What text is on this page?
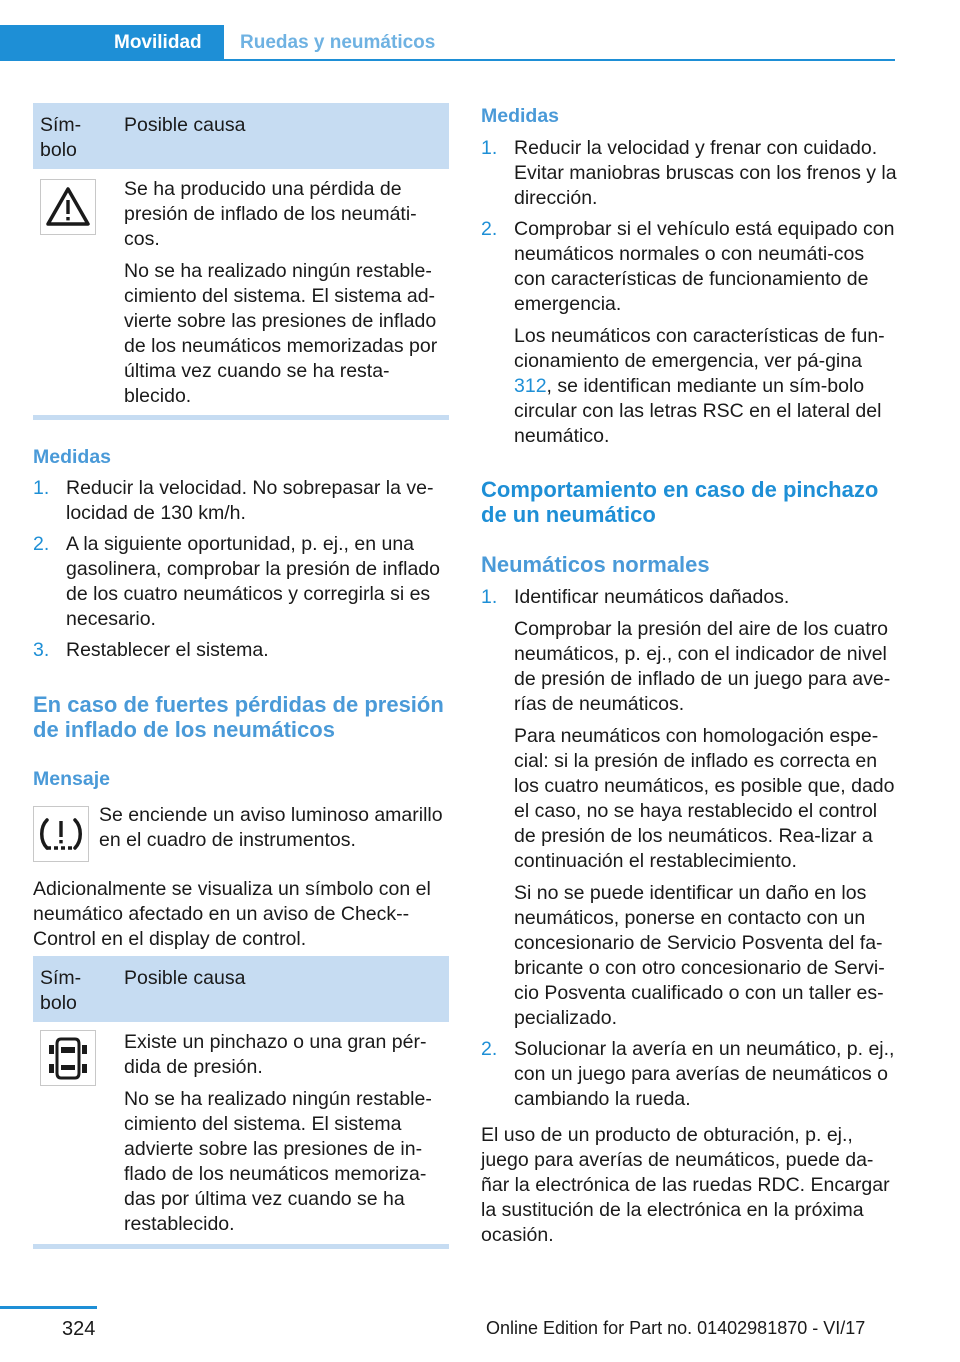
Movilidad	Ruedas y neumáticos
Sím-
bolo
Posible causa

Se ha producido una pérdida de presión de inflado de los neumáti-cos.

No se ha realizado ningún restable-cimiento del sistema. El sistema ad-vierte sobre las presiones de inflado de los neumáticos memorizadas por última vez cuando se ha resta-blecido.

Medidas
1. Reducir la velocidad. No sobrepasar la ve-locidad de 130 km/h.

2. A la siguiente oportunidad, p. ej., en una gasolinera, comprobar la presión de inflado de los cuatro neumáticos y corregirla si es necesario.

3. Restablecer el sistema.

En caso de fuertes pérdidas de presión de inflado de los neumáticos
Mensaje

Se enciende un aviso luminoso amarillo en el cuadro de instrumentos.

Adicionalmente se visualiza un símbolo con el neumático afectado en un aviso de Check--Control en el display de control.

Sím-
bolo
Posible causa

Existe un pinchazo o una gran pér-dida de presión.

No se ha realizado ningún restable-cimiento del sistema. El sistema advierte sobre las presiones de in-flado de los neumáticos memoriza-das por última vez cuando se ha restablecido.

Medidas
1. Reducir la velocidad y frenar con cuidado. Evitar maniobras bruscas con los frenos y la dirección.

2. Comprobar si el vehículo está equipado con neumáticos normales o con neumáti-cos con características de funcionamiento de emergencia.

Los neumáticos con características de fun-cionamiento de emergencia, ver pá-gina 312, se identifican mediante un sím-bolo circular con las letras RSC en el lateral del neumático.

Comportamiento en caso de pinchazo de un neumático
Neumáticos normales
1. Identificar neumáticos dañados.

Comprobar la presión del aire de los cuatro neumáticos, p. ej., con el indicador de nivel de presión de inflado de un juego para ave-rías de neumáticos.

Para neumáticos con homologación espe-cial: si la presión de inflado es correcta en los cuatro neumáticos, es posible que, dado el caso, no se haya restablecido el control de presión de los neumáticos. Rea-lizar a continuación el restablecimiento.

Si no se puede identificar un daño en los neumáticos, ponerse en contacto con un concesionario de Servicio Posventa del fa-bricante o con otro concesionario de Servi-cio Posventa cualificado o con un taller es-pecializado.

2. Solucionar la avería en un neumático, p. ej., con un juego para averías de neumáticos o cambiando la rueda.

El uso de un producto de obturación, p. ej., juego para averías de neumáticos, puede da-ñar la electrónica de las ruedas RDC. Encargar la sustitución de la electrónica en la próxima ocasión.

324	Online Edition for Part no. 01402981870 - VI/17
